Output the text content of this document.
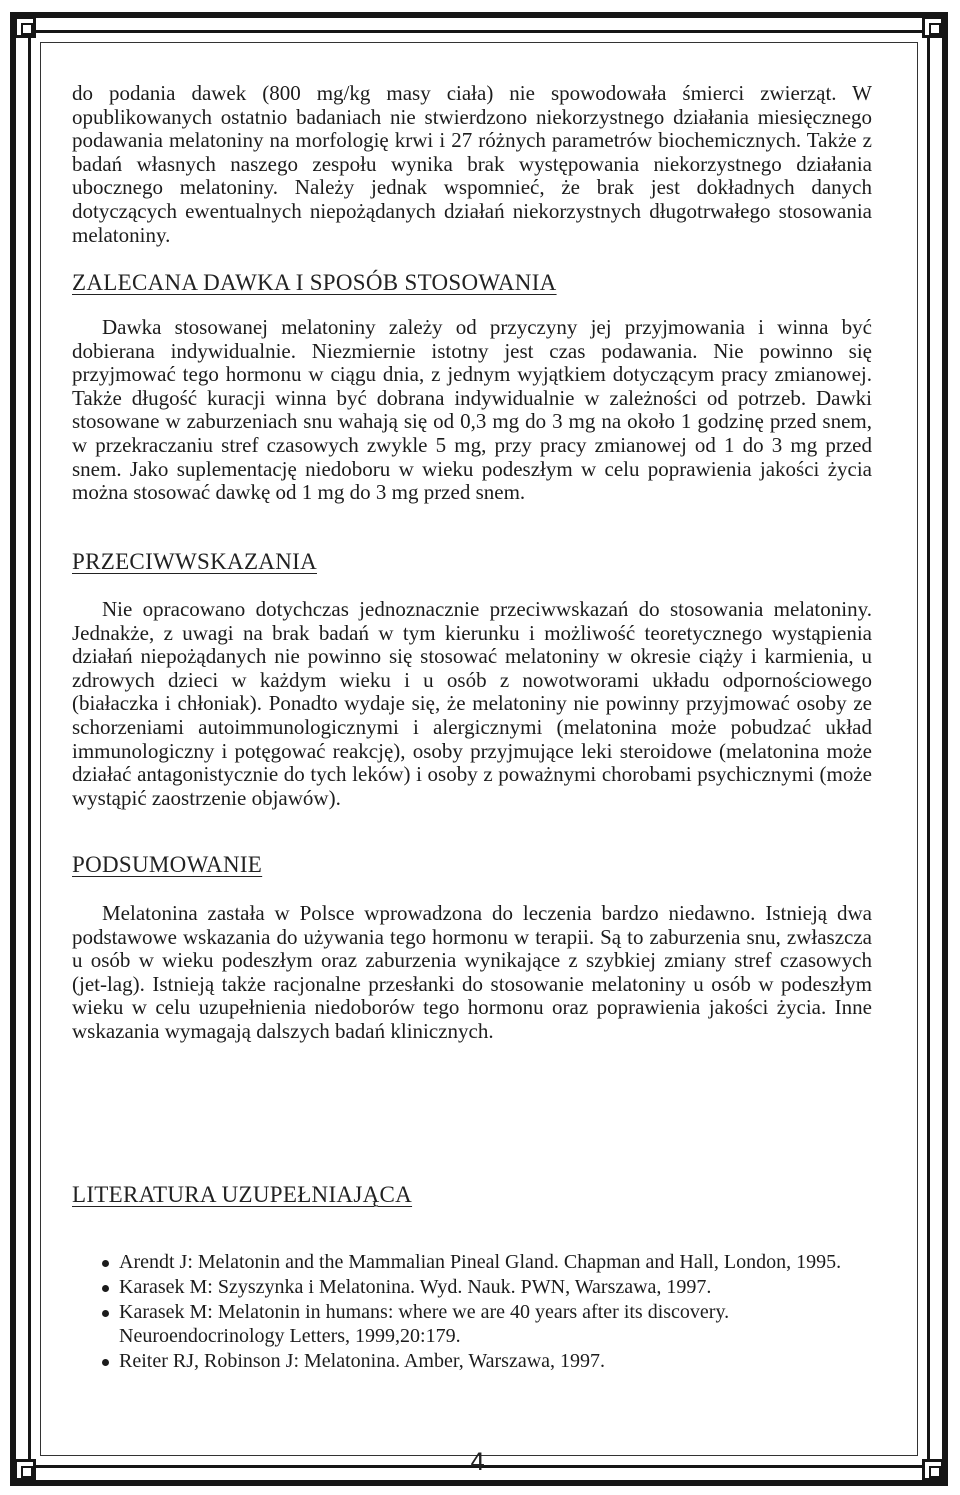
do podania dawek (800 mg/kg masy ciała) nie spowodowała śmierci zwierząt. W opublikowanych ostatnio badaniach nie stwierdzono niekorzystnego działania miesięcznego podawania melatoniny na morfologię krwi i 27 różnych parametrów biochemicznych. Także z badań własnych naszego zespołu wynika brak występowania niekorzystnego działania ubocznego melatoniny. Należy jednak wspomnieć, że brak jest dokładnych danych dotyczących ewentualnych niepożądanych działań niekorzystnych długotrwałego stosowania melatoniny.

ZALECANA DAWKA I SPOSÓB STOSOWANIA

Dawka stosowanej melatoniny zależy od przyczyny jej przyjmowania i winna być dobierana indywidualnie. Niezmiernie istotny jest czas podawania. Nie powinno się przyjmować tego hormonu w ciągu dnia, z jednym wyjątkiem dotyczącym pracy zmianowej. Także długość kuracji winna być dobrana indywidualnie w zależności od potrzeb. Dawki stosowane w zaburzeniach snu wahają się od 0,3 mg do 3 mg na około 1 godzinę przed snem, w przekraczaniu stref czasowych zwykle 5 mg, przy pracy zmianowej od 1 do 3 mg przed snem. Jako suplementację niedoboru w wieku podeszłym w celu poprawienia jakości życia można stosować dawkę od 1 mg do 3 mg przed snem.

PRZECIWWSKAZANIA

Nie opracowano dotychczas jednoznacznie przeciwwskazań do stosowania melatoniny. Jednakże, z uwagi na brak badań w tym kierunku i możliwość teoretycznego wystąpienia działań niepożądanych nie powinno się stosować melatoniny w okresie ciąży i karmienia, u zdrowych dzieci w każdym wieku i u osób z nowotworami układu odpornościowego (białaczka i chłoniak). Ponadto wydaje się, że melatoniny nie powinny przyjmować osoby ze schorzeniami autoimmunologicznymi i alergicznymi (melatonina może pobudzać układ immunologiczny i potęgować reakcję), osoby przyjmujące leki steroidowe (melatonina może działać antagonistycznie do tych leków) i osoby z poważnymi chorobami psychicznymi (może wystąpić zaostrzenie objawów).

PODSUMOWANIE

Melatonina zastała w Polsce wprowadzona do leczenia bardzo niedawno. Istnieją dwa podstawowe wskazania do używania tego hormonu w terapii. Są to zaburzenia snu, zwłaszcza u osób w wieku podeszłym oraz zaburzenia wynikające z szybkiej zmiany stref czasowych (jet-lag). Istnieją także racjonalne przesłanki do stosowanie melatoniny u osób w podeszłym wieku w celu uzupełnienia niedoborów tego hormonu oraz poprawienia jakości życia. Inne wskazania wymagają dalszych badań klinicznych.

LITERATURA UZUPEŁNIAJĄCA
Arendt J: Melatonin and the Mammalian Pineal Gland. Chapman and Hall, London, 1995.
Karasek M: Szyszynka i Melatonina. Wyd. Nauk. PWN, Warszawa, 1997.
Karasek M: Melatonin in humans: where we are 40 years after its discovery. Neuroendocrinology Letters, 1999,20:179.
Reiter RJ, Robinson J: Melatonina. Amber, Warszawa, 1997.
4
